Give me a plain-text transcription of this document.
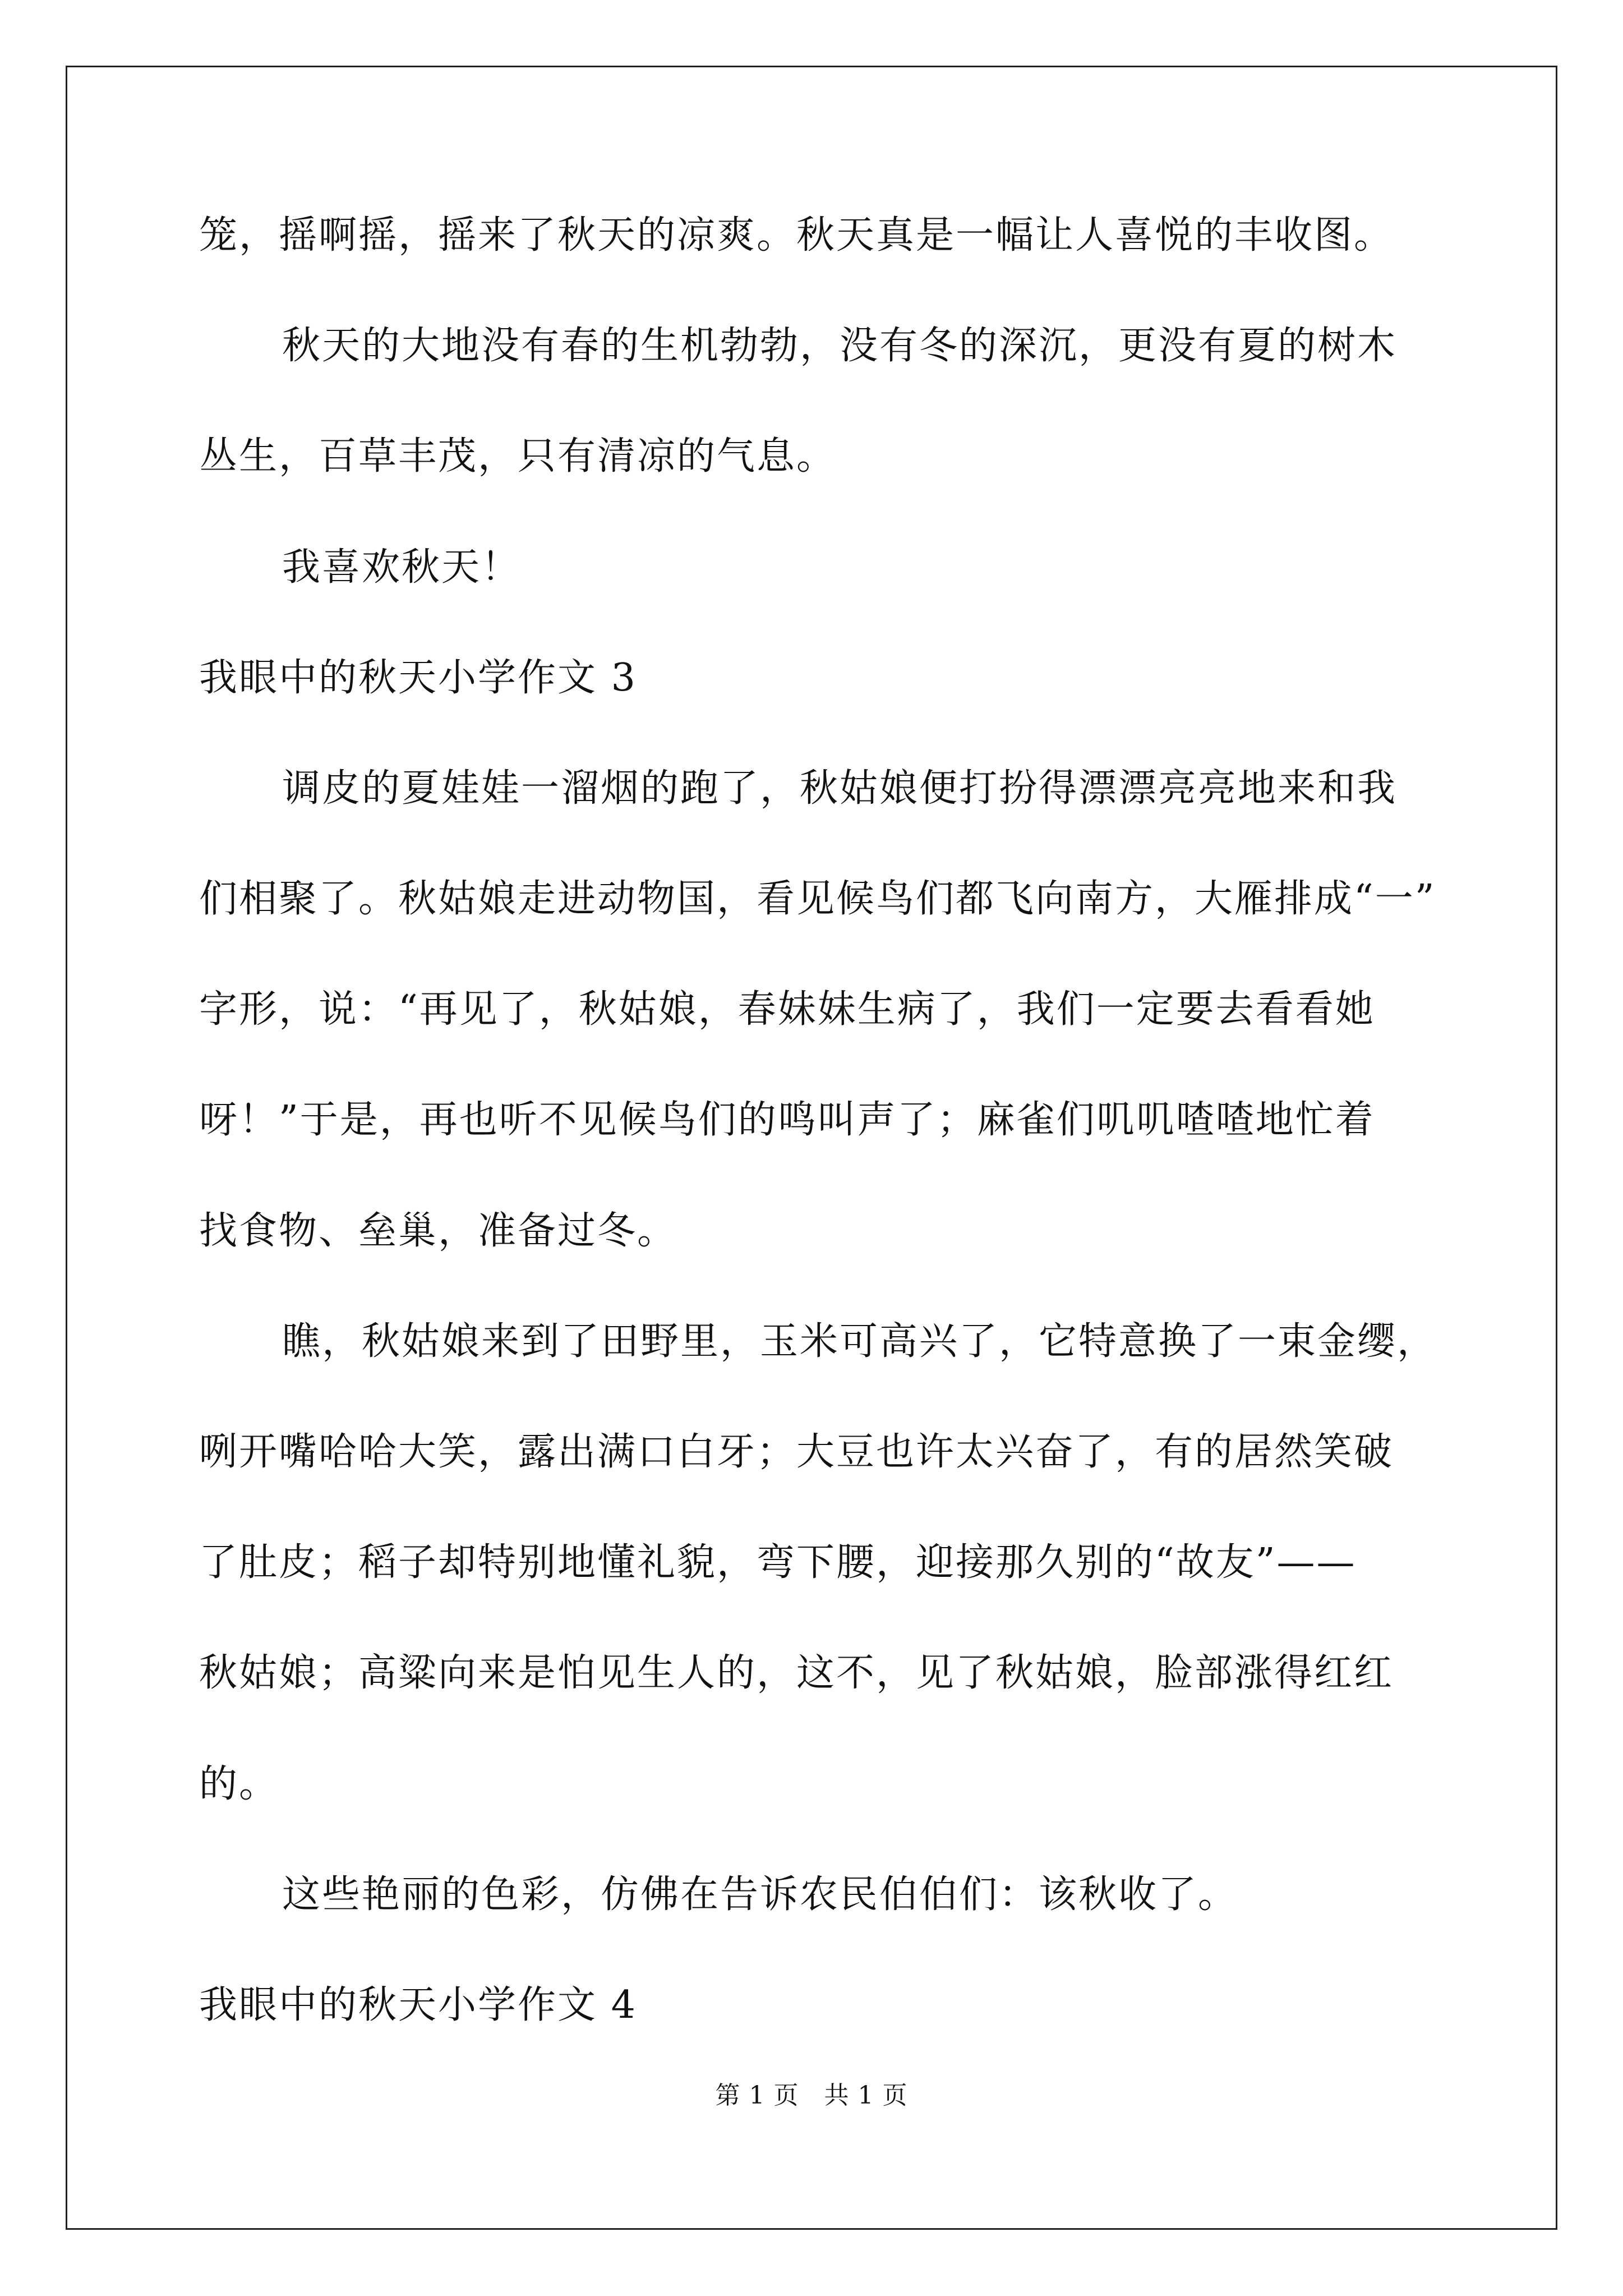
笼，摇啊摇，摇来了秋天的凉爽。秋天真是一幅让人喜悦的丰收图。
秋天的大地没有春的生机勃勃，没有冬的深沉，更没有夏的树木
丛生，百草丰茂，只有清凉的气息。
我喜欢秋天！
我眼中的秋天小学作文 3
调皮的夏娃娃一溜烟的跑了，秋姑娘便打扮得漂漂亮亮地来和我
们相聚了。秋姑娘走进动物国，看见候鸟们都飞向南方，大雁排成“一”
字形，说：“再见了，秋姑娘，春妹妹生病了，我们一定要去看看她
呀！”于是，再也听不见候鸟们的鸣叫声了；麻雀们叽叽喳喳地忙着
找食物、垒巢，准备过冬。
瞧，秋姑娘来到了田野里，玉米可高兴了，它特意换了一束金缨，
咧开嘴哈哈大笑，露出满口白牙；大豆也许太兴奋了，有的居然笑破
了肚皮；稻子却特别地懂礼貌，弯下腰，迎接那久别的“故友”——
秋姑娘；高粱向来是怕见生人的，这不，见了秋姑娘，脸部涨得红红
的。
这些艳丽的色彩，仿佛在告诉农民伯伯们：该秋收了。
我眼中的秋天小学作文 4
第 1 页　共 1 页
